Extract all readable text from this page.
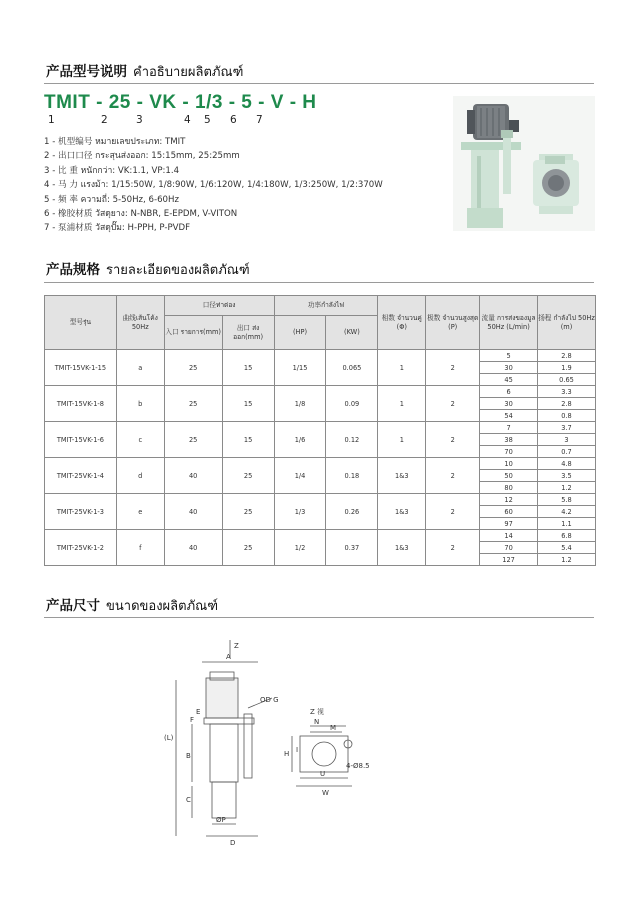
产品型号说明 คำอธิบายผลิตภัณฑ์
TMIT - 25 - VK - 1/3 - 5 - V - H
1	2	3	4 5 6 7
1 - 机型编号 หมายเลขประเภท: TMIT
2 - 出口口径 กระสุนส่งออก: 15:15mm, 25:25mm
3 - 比 重 หนักกว่า: VK:1.1, VP:1.4
4 - 马 力 แรงม้า: 1/15:50W, 1/8:90W, 1/6:120W, 1/4:180W, 1/3:250W, 1/2:370W
5 - 频 率 ความถี่: 5-50Hz, 6-60Hz
6 - 橡胶材质 วัสดุยาง: N-NBR, E-EPDM, V-VITON
7 - 泵浦材质 วัสดุปั๊ม: H-PPH, P-PVDF
产品规格 รายละเอียดของผลิตภัณฑ์
型号รุ่น	曲线เส้นโค้ง 50Hz	口径ท่าต่อง		功率กำลังไฟ		相数 จำนวนคู่ (Φ)	极数 จำนวนสูงสุด (P)	流量 การส่งของมูล 50Hz (L/min)	扬程 กำลังไป 50Hz (m)
		入口 รายการ(mm)	出口 ส่งออก(mm)	(HP)	(KW)				
TMIT-15VK-1-15	a	25	15	1/15	0.065	1	2	5	2.8
								30	1.9
								45	0.65
TMIT-15VK-1-8	b	25	15	1/8	0.09	1	2	6	3.3
								30	2.8
								54	0.8
TMIT-15VK-1-6	c	25	15	1/6	0.12	1	2	7	3.7
								38	3
								70	0.7
TMIT-25VK-1-4	d	40	25	1/4	0.18	1&3	2	10	4.8
								50	3.5
								80	1.2
TMIT-25VK-1-3	e	40	25	1/3	0.26	1&3	2	12	5.8
								60	4.2
								97	1.1
TMIT-25VK-1-2	f	40	25	1/2	0.37	1&3	2	14	6.8
								70	5.4
								127	1.2
产品尺寸 ขนาดของผลิตภัณฑ์
Z
A
OD G
(L)
B
F
E
C
ØP
D
Z 视
N
M
H I
U
W
4-Ø8.5
